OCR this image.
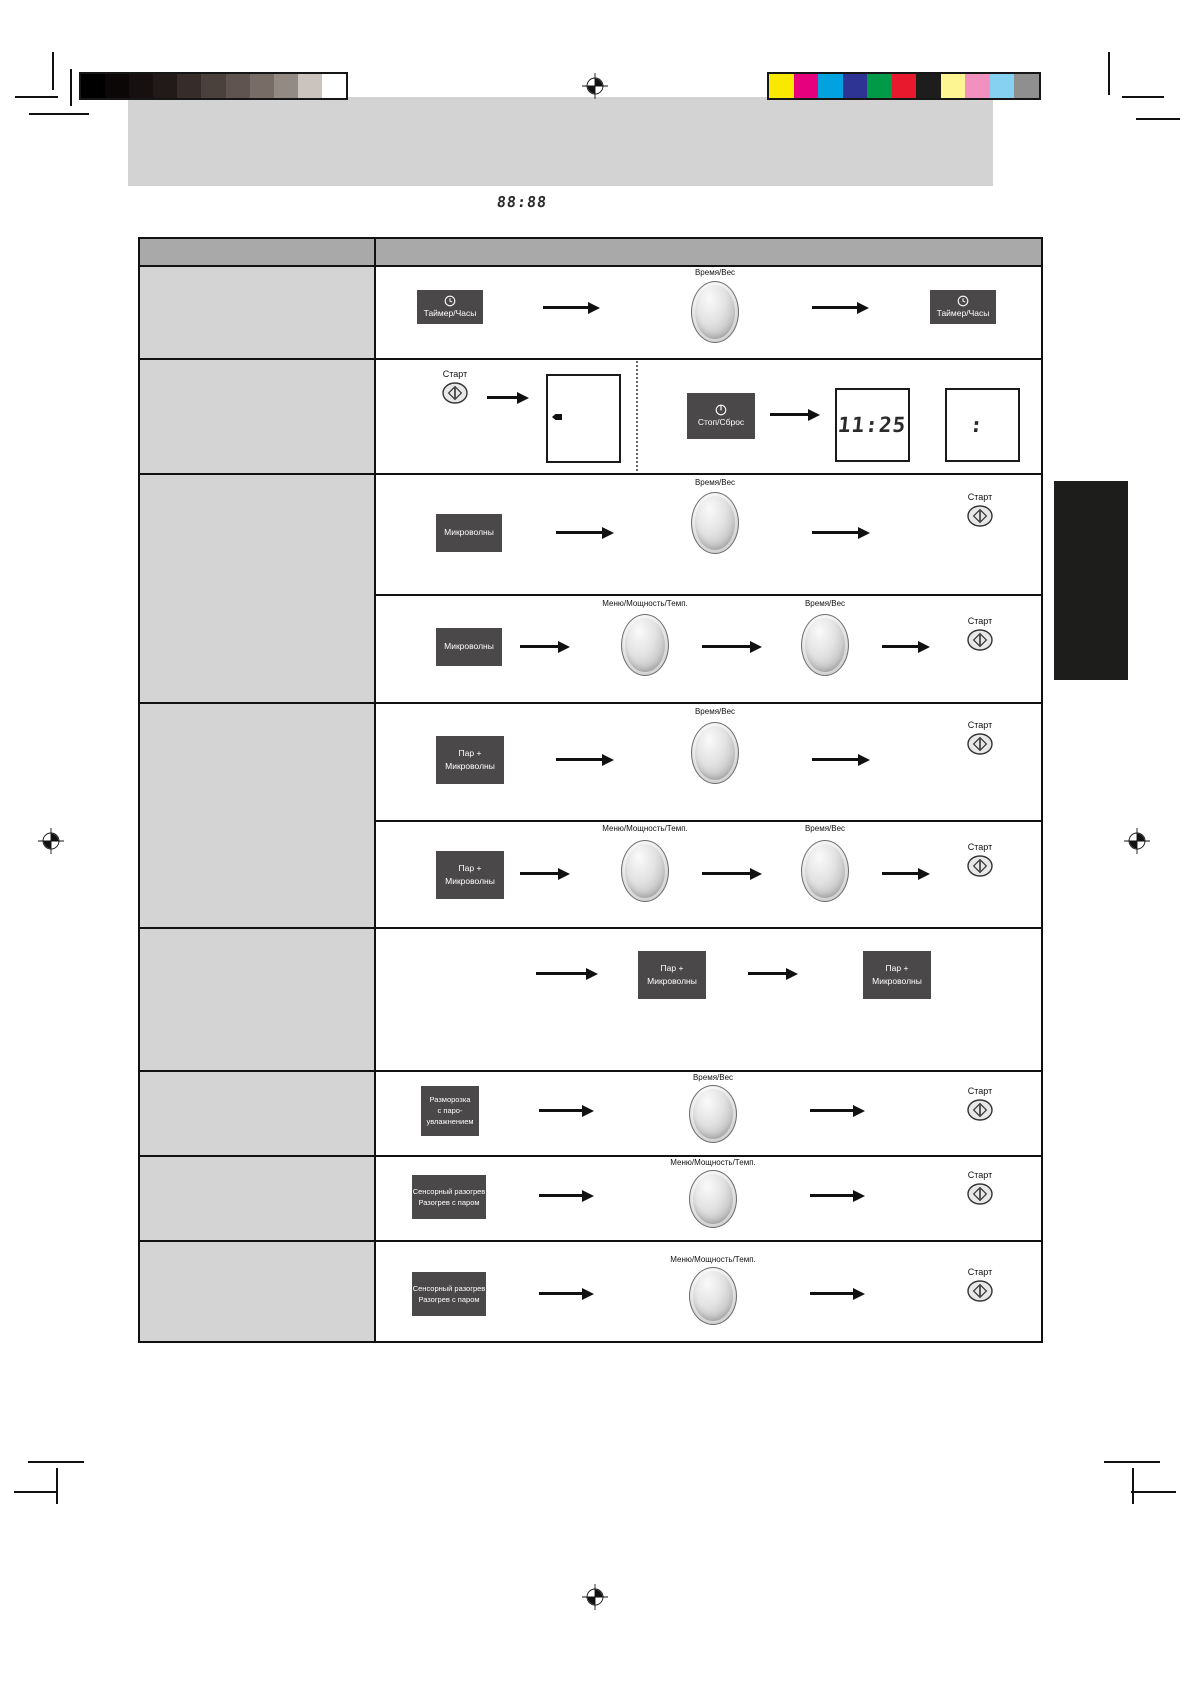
88:88
Таймер/Часы
Время/Вес
Таймер/Часы
Старт
Стоп/Сброс	11:25	:
Микроволны
Время/Вес
Старт
Микроволны
Меню/Мощность/Темп.	Время/Вес
Старт
Пар +
Микроволны
Время/Вес
Старт
Пар +
Микроволны
Меню/Мощность/Темп.	Время/Вес
Старт
Пар +
Микроволны
Пар +
Микроволны
Разморозка
с паро-
увлажнением
Время/Вес
Старт
Сенсорный разогрев
Разогрев с паром
Меню/Мощность/Темп.
Старт
Сенсорный разогрев
Разогрев с паром
Меню/Мощность/Темп.
Старт
